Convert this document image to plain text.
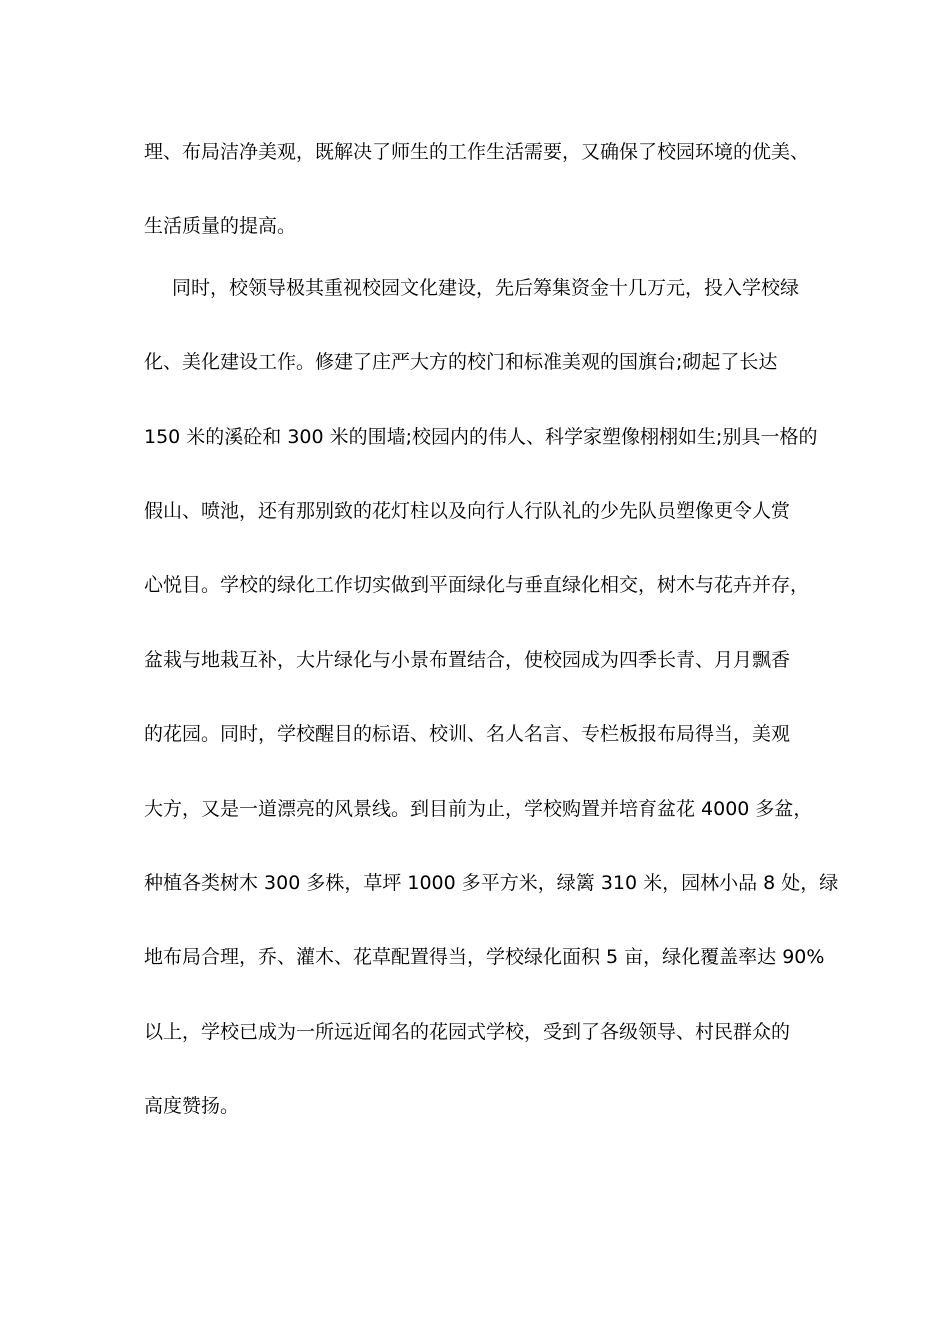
理、布局洁净美观，既解决了师生的工作生活需要，又确保了校园环境的优美、
生活质量的提高。
同时，校领导极其重视校园文化建设，先后筹集资金十几万元，投入学校绿
化、美化建设工作。修建了庄严大方的校门和标准美观的国旗台;砌起了长达
150 米的溪砼和 300 米的围墙;校园内的伟人、科学家塑像栩栩如生;别具一格的
假山、喷池，还有那别致的花灯柱以及向行人行队礼的少先队员塑像更令人赏
心悦目。学校的绿化工作切实做到平面绿化与垂直绿化相交，树木与花卉并存，
盆栽与地栽互补，大片绿化与小景布置结合，使校园成为四季长青、月月飘香
的花园。同时，学校醒目的标语、校训、名人名言、专栏板报布局得当，美观
大方，又是一道漂亮的风景线。到目前为止，学校购置并培育盆花 4000 多盆，
种植各类树木 300 多株，草坪 1000 多平方米，绿篱 310 米，园林小品 8 处，绿
地布局合理，乔、灌木、花草配置得当，学校绿化面积 5 亩，绿化覆盖率达 90%
以上，学校已成为一所远近闻名的花园式学校，受到了各级领导、村民群众的
高度赞扬。
